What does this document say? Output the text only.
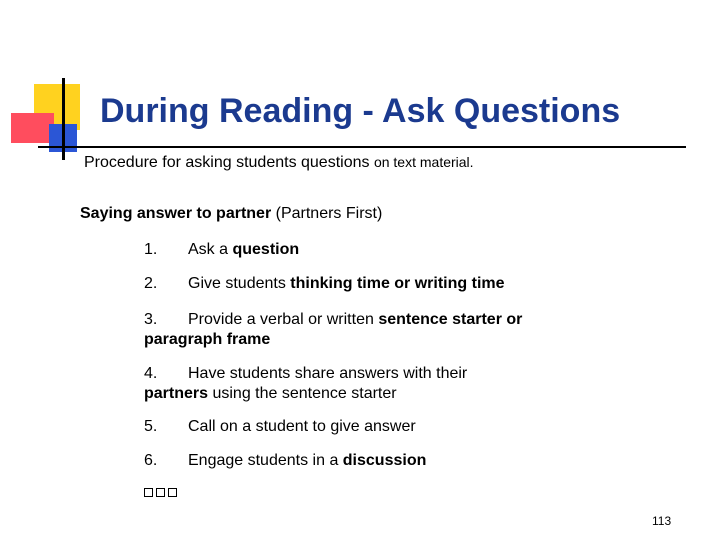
During Reading - Ask Questions
Procedure for asking students questions on text material.
Saying answer to partner (Partners First)
1. Ask a question
2. Give students thinking time or writing time
3. Provide a verbal or written sentence starter or
paragraph frame
4. Have students share answers with their
partners using the sentence starter
5. Call on a student to give answer
6. Engage students in a discussion
113
